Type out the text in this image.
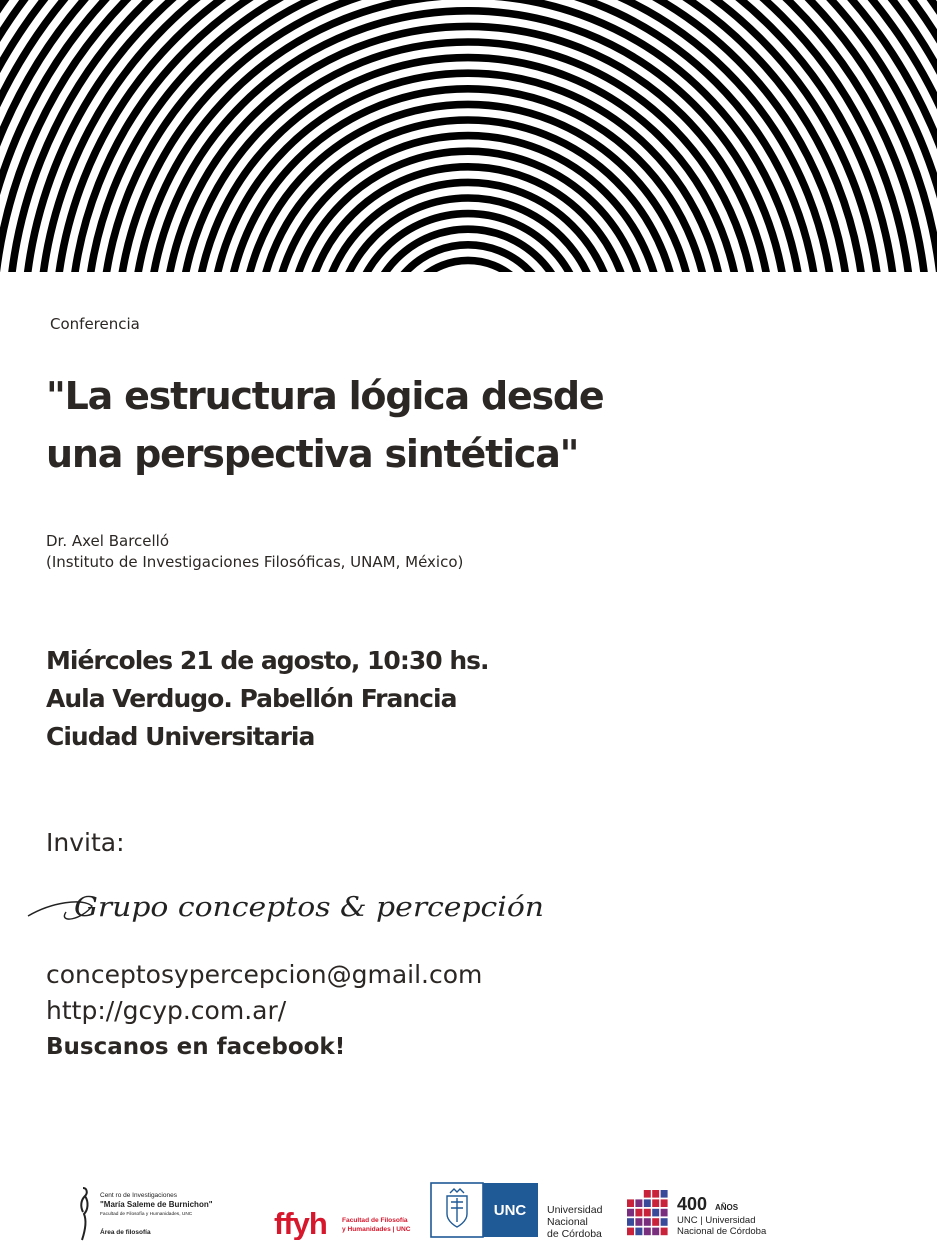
Conferencia

"La estructura lógica desde
una perspectiva sintética"

Dr. Axel Barcelló

(Instituto de Investigaciones Filosóficas, UNAM, México)

Miércoles 21 de agosto, 10:30 hs.

Aula Verdugo. Pabellón Francia

Ciudad Universitaria

Invita:

Grupo conceptos & percepción

conceptosypercepcion@gmail.com

http://gcyp.com.ar/

Buscanos en facebook!

Cent ro de Investigaciones
"María Saleme de Burnichon"
Facultad de Filosofía y Humanidades, UNC
Área de filosofía	ffyh Facultad de Filosofía
y Humanidades | UNC
UNC Universidad
Nacional
de Córdoba
400 AÑOS
UNC | Universidad
Nacional de Córdoba
